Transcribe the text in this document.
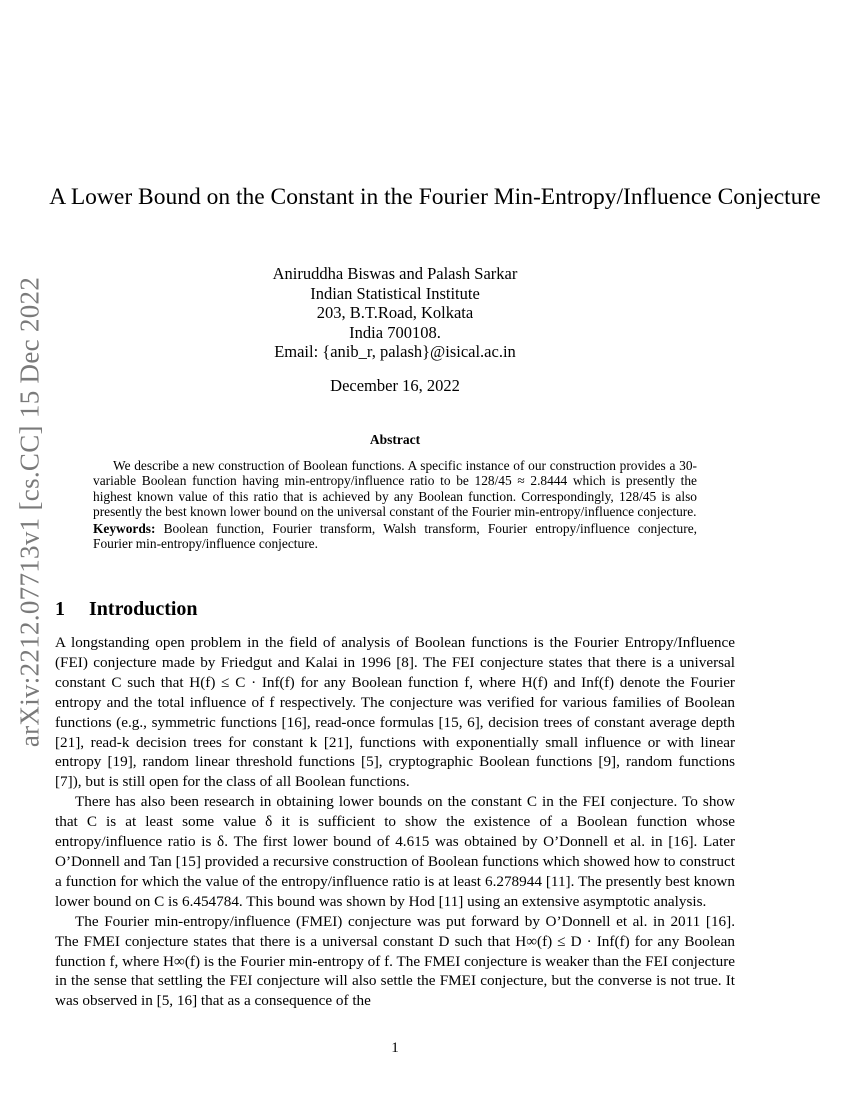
arXiv:2212.07713v1 [cs.CC] 15 Dec 2022
A Lower Bound on the Constant in the Fourier Min-Entropy/Influence Conjecture
Aniruddha Biswas and Palash Sarkar
Indian Statistical Institute
203, B.T.Road, Kolkata
India 700108.
Email: {anib_r, palash}@isical.ac.in
December 16, 2022
Abstract

We describe a new construction of Boolean functions. A specific instance of our construction provides a 30-variable Boolean function having min-entropy/influence ratio to be 128/45 ≈ 2.8444 which is presently the highest known value of this ratio that is achieved by any Boolean function. Correspondingly, 128/45 is also presently the best known lower bound on the universal constant of the Fourier min-entropy/influence conjecture.

Keywords: Boolean function, Fourier transform, Walsh transform, Fourier entropy/influence conjecture, Fourier min-entropy/influence conjecture.

1 Introduction

A longstanding open problem in the field of analysis of Boolean functions is the Fourier Entropy/Influence (FEI) conjecture made by Friedgut and Kalai in 1996 [8]. The FEI conjecture states that there is a universal constant C such that H(f) ≤ C · Inf(f) for any Boolean function f, where H(f) and Inf(f) denote the Fourier entropy and the total influence of f respectively. The conjecture was verified for various families of Boolean functions (e.g., symmetric functions [16], read-once formulas [15, 6], decision trees of constant average depth [21], read-k decision trees for constant k [21], functions with exponentially small influence or with linear entropy [19], random linear threshold functions [5], cryptographic Boolean functions [9], random functions [7]), but is still open for the class of all Boolean functions.

There has also been research in obtaining lower bounds on the constant C in the FEI conjecture. To show that C is at least some value δ it is sufficient to show the existence of a Boolean function whose entropy/influence ratio is δ. The first lower bound of 4.615 was obtained by O’Donnell et al. in [16]. Later O’Donnell and Tan [15] provided a recursive construction of Boolean functions which showed how to construct a function for which the value of the entropy/influence ratio is at least 6.278944 [11]. The presently best known lower bound on C is 6.454784. This bound was shown by Hod [11] using an extensive asymptotic analysis.

The Fourier min-entropy/influence (FMEI) conjecture was put forward by O’Donnell et al. in 2011 [16]. The FMEI conjecture states that there is a universal constant D such that H∞(f) ≤ D · Inf(f) for any Boolean function f, where H∞(f) is the Fourier min-entropy of f. The FMEI conjecture is weaker than the FEI conjecture in the sense that settling the FEI conjecture will also settle the FMEI conjecture, but the converse is not true. It was observed in [5, 16] that as a consequence of the

1
